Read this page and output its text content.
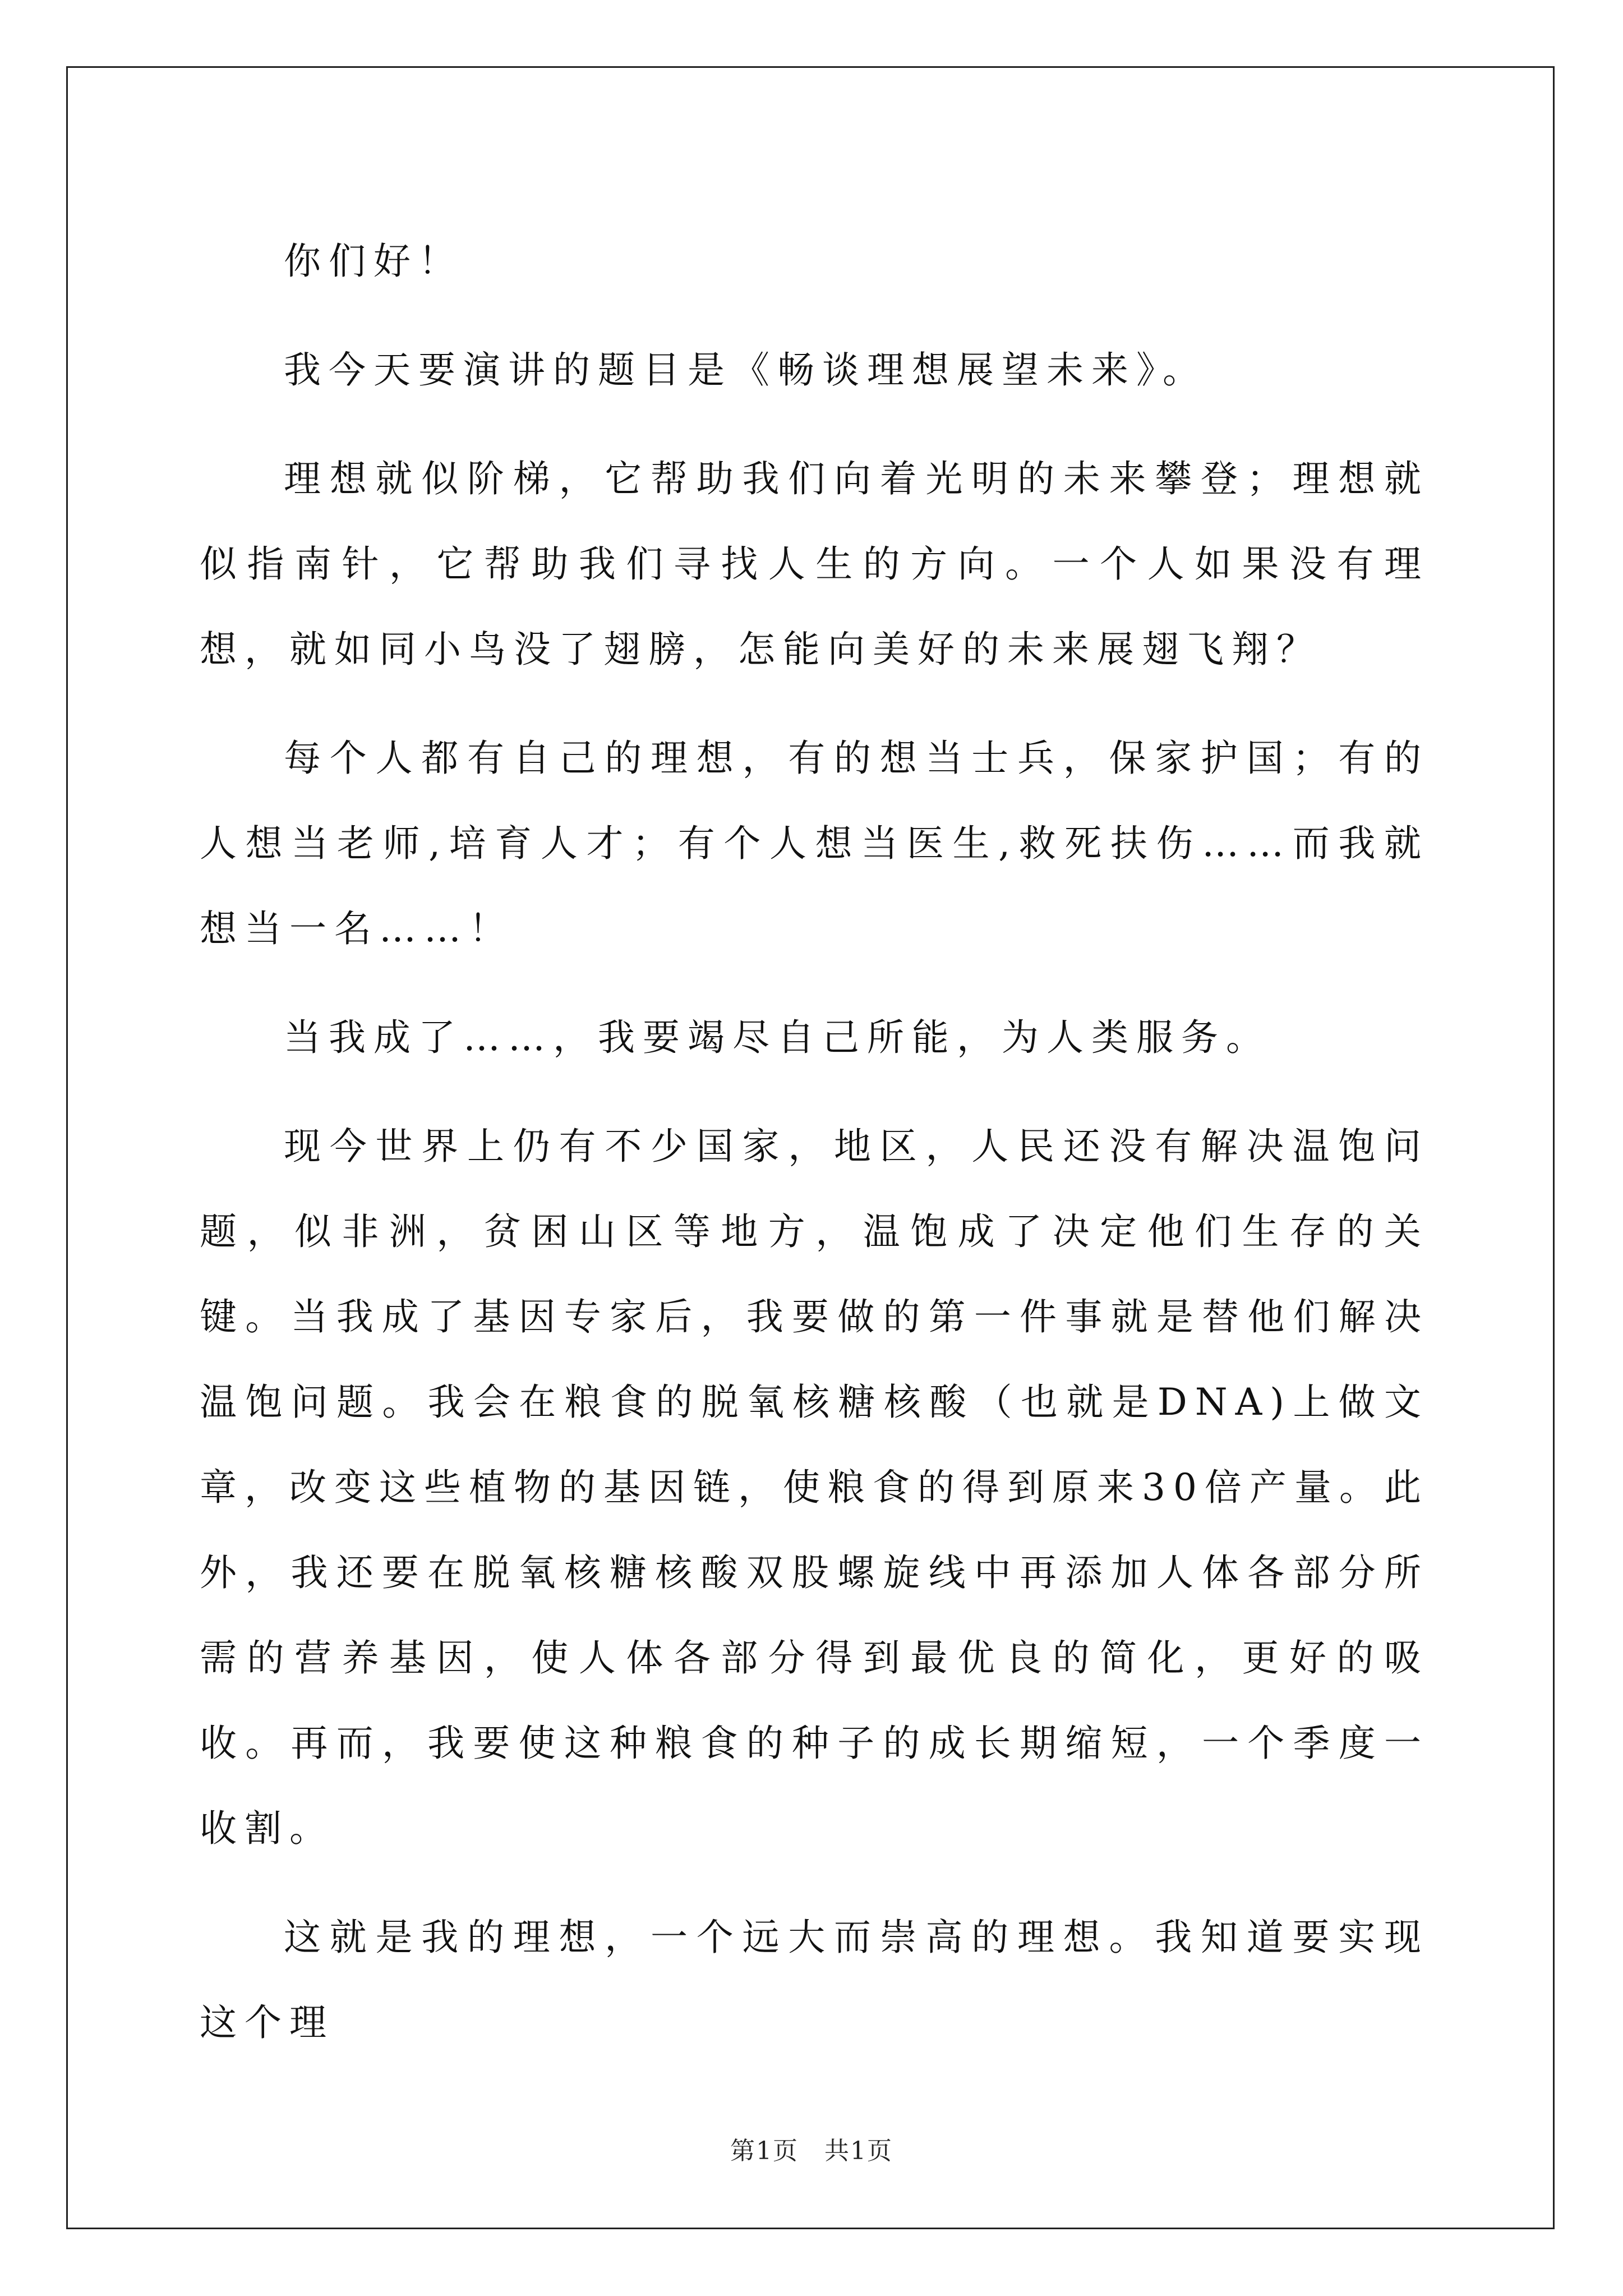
你们好！

我今天要演讲的题目是《畅谈理想展望未来》。

理想就似阶梯，它帮助我们向着光明的未来攀登；理想就似指南针，它帮助我们寻找人生的方向。一个人如果没有理想，就如同小鸟没了翅膀，怎能向美好的未来展翅飞翔？

每个人都有自己的理想，有的想当士兵，保家护国；有的人想当老师,培育人才；有个人想当医生,救死扶伤……而我就想当一名……！

当我成了……，我要竭尽自己所能，为人类服务。

现今世界上仍有不少国家，地区，人民还没有解决温饱问题，似非洲，贫困山区等地方，温饱成了决定他们生存的关键。当我成了基因专家后，我要做的第一件事就是替他们解决温饱问题。我会在粮食的脱氧核糖核酸（也就是DNA)上做文章，改变这些植物的基因链，使粮食的得到原来30倍产量。此外，我还要在脱氧核糖核酸双股螺旋线中再添加人体各部分所需的营养基因，使人体各部分得到最优良的简化，更好的吸收。再而，我要使这种粮食的种子的成长期缩短，一个季度一收割。

这就是我的理想，一个远大而崇高的理想。我知道要实现这个理

第1页　共1页
